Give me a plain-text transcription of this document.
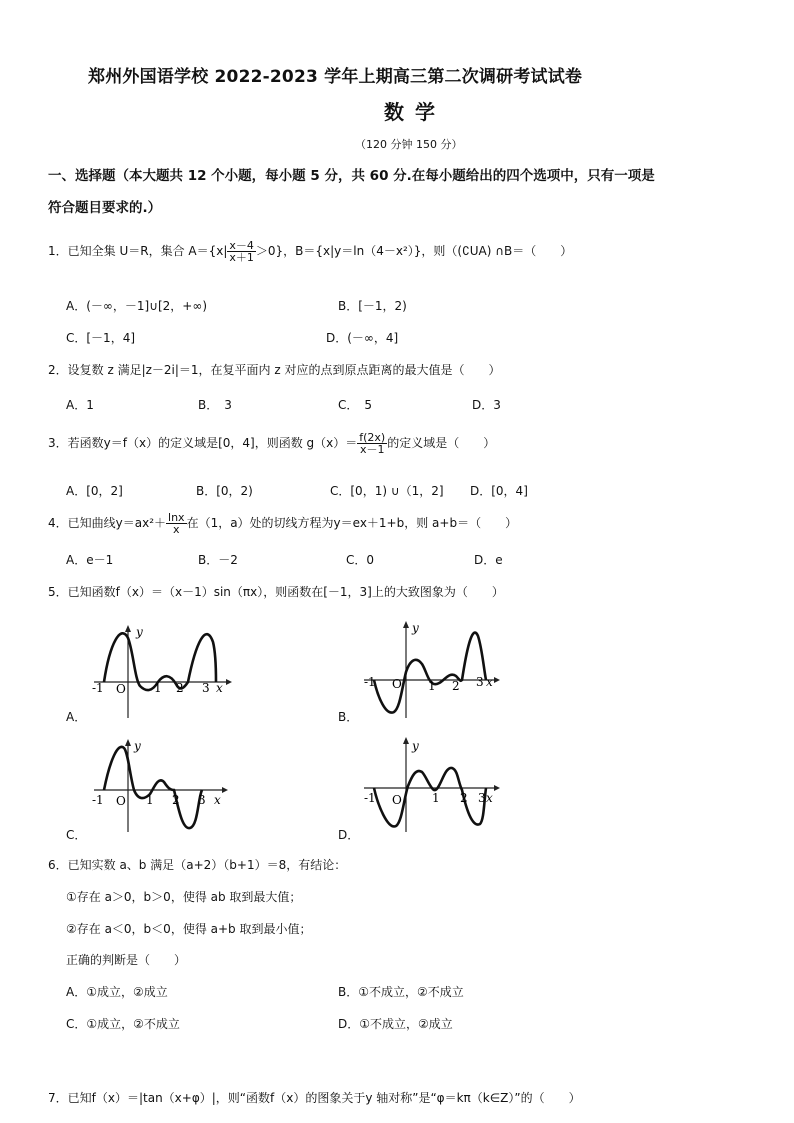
郑州外国语学校 2022-2023 学年上期高三第二次调研考试试卷
数 学
（120 分钟 150 分）
一、选择题（本大题共 12 个小题，每小题 5 分，共 60 分.在每小题给出的四个选项中，只有一项是
符合题目要求的.）
1．已知全集 U＝R，集合 $A=\{x| \frac{x-4}{x+1} >0\}$，B＝{x|y＝ln（4－x²）}，则（(∁UA) ∩B＝（　　）
A．(－∞，－1]∪[2，+∞)	B．[－1，2)
C．[－1，4]	D．(－∞，4]
2．设复数 z 满足|z－2i|＝1，在复平面内 z 对应的点到原点距离的最大值是（　　）
A．1	B．　3	C．　5	D．3
3．若函数y＝f（x）的定义域是[0，4]，则函数 $g(x)= \frac{f(2x)}{x-1}$ 的定义域是（　　）
A．[0，2]	B．[0，2)	C．[0，1) ∪（1，2] D．[0，4]
4．已知曲线$y=ax^2+ \frac{\ln x}{x}$ 在（1，a）处的切线方程为y＝ex＋1+b，则 a+b＝（　　）
A．e－1	B．－2	C．0	D．e
5．已知函数f（x）＝（x－1）sin（πx），则函数在[－1，3]上的大致图象为（　　）
y
x
-1 O 1 2 3
A．
y
x
-1 O 1 2 3
B．
y
x
-1 O 1 2 3
C．
y
x
-1 O	1 2 3
D．
6．已知实数 a、b 满足（a+2）（b+1）＝8，有结论：
①存在 a＞0，b＞0，使得 ab 取到最大值；
②存在 a＜0，b＜0，使得 a+b 取到最小值；
正确的判断是（　　）
A．①成立，②成立	B．①不成立，②不成立
C．①成立，②不成立	D．①不成立，②成立
7．已知f（x）＝|tan（x+φ）|，则“函数f（x）的图象关于y 轴对称”是“φ＝kπ（k∈Z）”的（　　）
